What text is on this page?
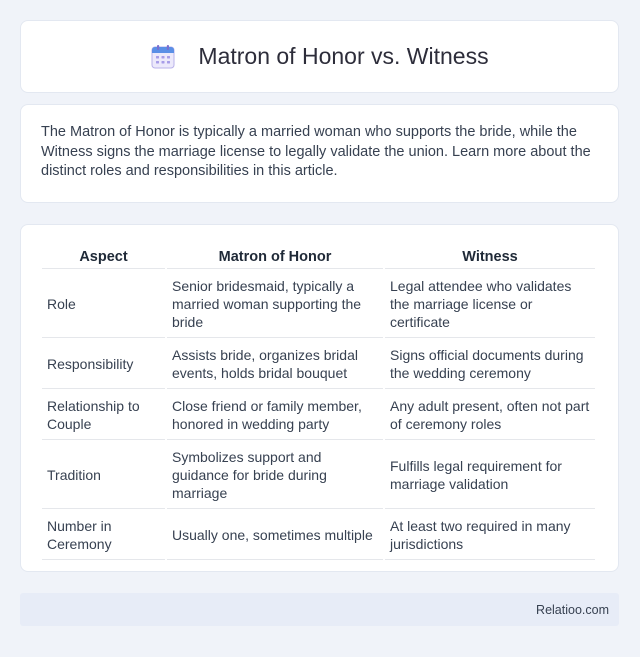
Matron of Honor vs. Witness

The Matron of Honor is typically a married woman who supports the bride, while the Witness signs the marriage license to legally validate the union. Learn more about the distinct roles and responsibilities in this article.

Aspect	Matron of Honor	Witness
Role	Senior bridesmaid, typically a married woman supporting the bride	Legal attendee who validates the marriage license or certificate
Responsibility	Assists bride, organizes bridal events, holds bridal bouquet	Signs official documents during the wedding ceremony
Relationship to Couple	Close friend or family member, honored in wedding party	Any adult present, often not part of ceremony roles
Tradition	Symbolizes support and guidance for bride during marriage	Fulfills legal requirement for marriage validation
Number in Ceremony	Usually one, sometimes multiple	At least two required in many jurisdictions
Relatioo.com
